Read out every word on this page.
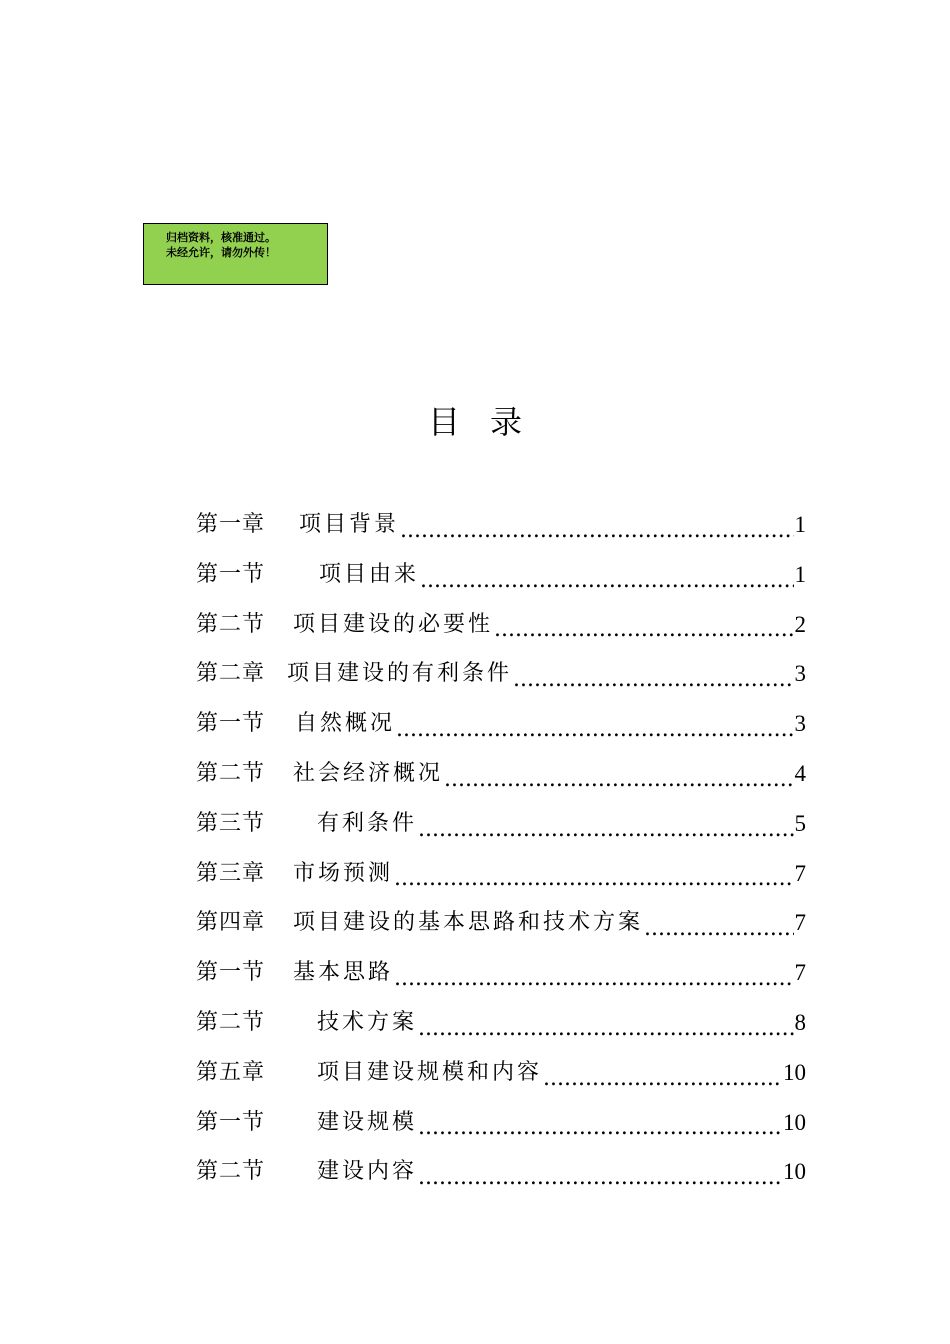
归档资料，核准通过。
未经允许，请勿外传！
目录
第一章 项目背景 .....	1
第一节 项目由来 .....	1
第二节 项目建设的必要性 .....	2
第二章 项目建设的有利条件 .....	3
第一节 自然概况 .....	3
第二节 社会经济概况 .....	4
第三节 有利条件 .....	5
第三章 市场预测 .....	7
第四章 项目建设的基本思路和技术方案 .....	7
第一节 基本思路 .....	7
第二节 技术方案 .....	8
第五章 项目建设规模和内容 .....	10
第一节 建设规模 .....	10
第二节 建设内容 .....	10
